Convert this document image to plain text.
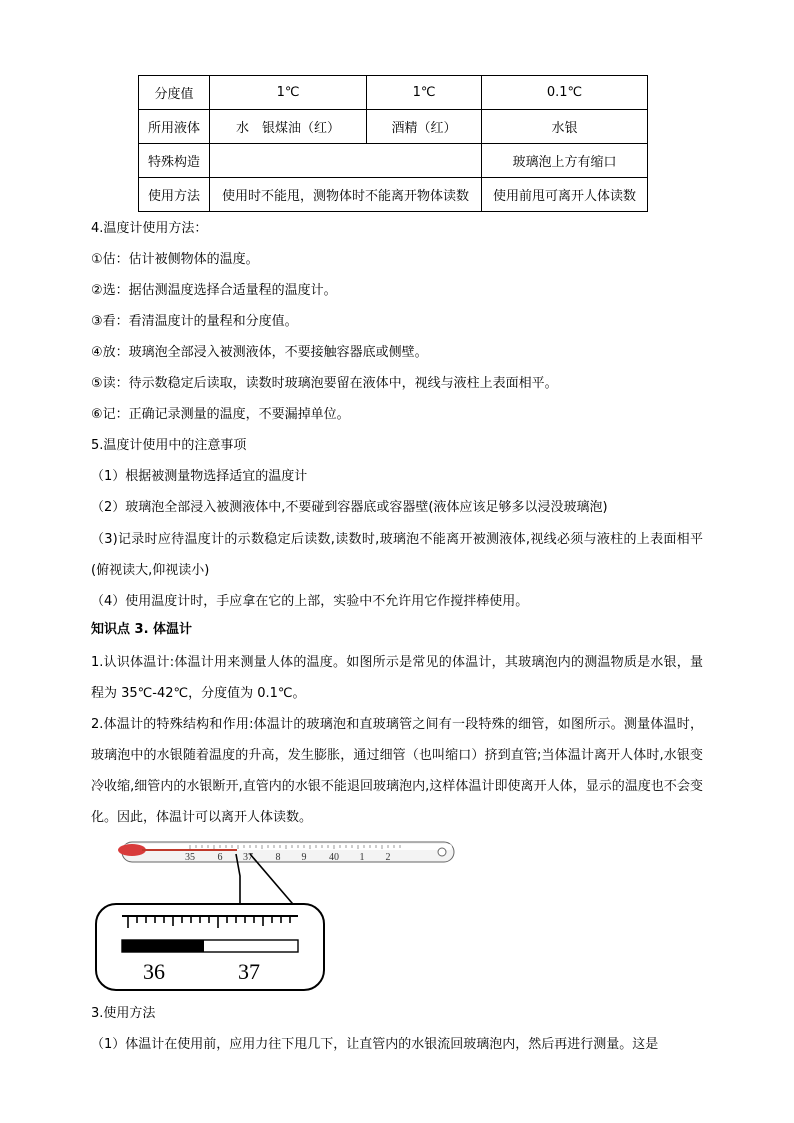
分度值	1℃	1℃	0.1℃
所用液体	水　银煤油（红）	酒精（红）	水银
特殊构造			玻璃泡上方有缩口
使用方法	使用时不能甩，测物体时不能离开物体读数		使用前甩可离开人体读数
4.温度计使用方法：
①估：估计被侧物体的温度。
②选：据估测温度选择合适量程的温度计。
③看：看清温度计的量程和分度值。
④放：玻璃泡全部浸入被测液体，不要接触容器底或侧壁。
⑤读：待示数稳定后读取，读数时玻璃泡要留在液体中，视线与液柱上表面相平。
⑥记：正确记录测量的温度，不要漏掉单位。
5.温度计使用中的注意事项
（1）根据被测量物选择适宜的温度计
（2）玻璃泡全部浸入被测液体中,不要碰到容器底或容器壁(液体应该足够多以浸没玻璃泡)
（3)记录时应待温度计的示数稳定后读数,读数时,玻璃泡不能离开被测液体,视线必须与液柱的上表面相平(俯视读大,仰视读小)
（4）使用温度计时，手应拿在它的上部，实验中不允许用它作搅拌棒使用。
知识点 3. 体温计
1.认识体温计:体温计用来测量人体的温度。如图所示是常见的体温计，其玻璃泡内的测温物质是水银，量程为 35℃-42℃，分度值为 0.1℃。
2.体温计的特殊结构和作用:体温计的玻璃泡和直玻璃管之间有一段特殊的细管，如图所示。测量体温时，玻璃泡中的水银随着温度的升高，发生膨胀，通过细管（也叫缩口）挤到直管;当体温计离开人体时,水银变冷收缩,细管内的水银断开,直管内的水银不能退回玻璃泡内,这样体温计即使离开人体，显示的温度也不会变化。因此，体温计可以离开人体读数。
35 6 37 8 9 40 1 2
36	37
3.使用方法
（1）体温计在使用前，应用力往下甩几下，让直管内的水银流回玻璃泡内，然后再进行测量。这是
